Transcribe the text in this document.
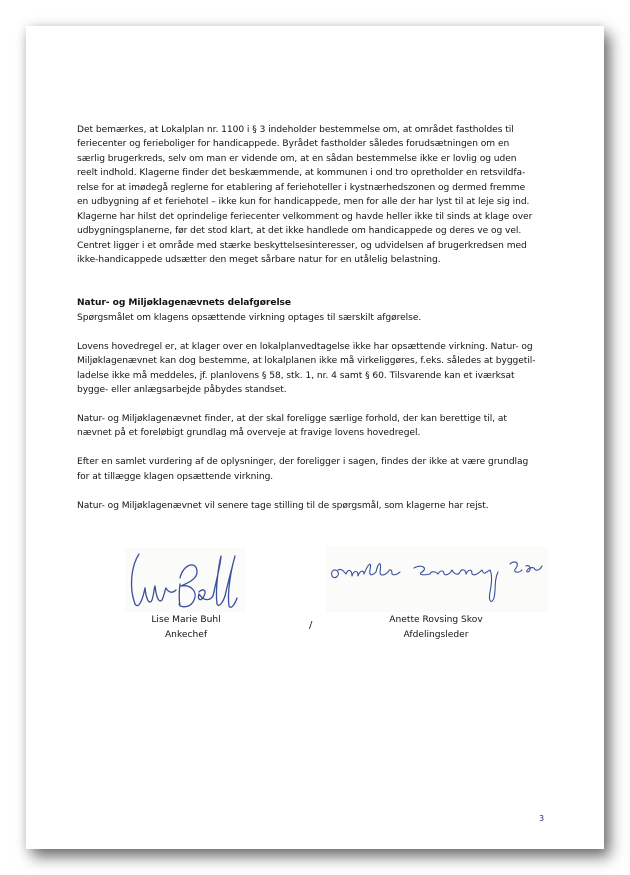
Det bemærkes, at Lokalplan nr. 1100 i § 3 indeholder bestemmelse om, at området fastholdes til
feriecenter og ferieboliger for handicappede. Byrådet fastholder således forudsætningen om en
særlig brugerkreds, selv om man er vidende om, at en sådan bestemmelse ikke er lovlig og uden
reelt indhold. Klagerne finder det beskæmmende, at kommunen i ond tro opretholder en retsvildfa-
relse for at imødegå reglerne for etablering af feriehoteller i kystnærhedszonen og dermed fremme
en udbygning af et feriehotel – ikke kun for handicappede, men for alle der har lyst til at leje sig ind.
Klagerne har hilst det oprindelige feriecenter velkomment og havde heller ikke til sinds at klage over
udbygningsplanerne, før det stod klart, at det ikke handlede om handicappede og deres ve og vel.
Centret ligger i et område med stærke beskyttelsesinteresser, og udvidelsen af brugerkredsen med
ikke-handicappede udsætter den meget sårbare natur for en utålelig belastning.

Natur- og Miljøklagenævnets delafgørelse

Spørgsmålet om klagens opsættende virkning optages til særskilt afgørelse.

Lovens hovedregel er, at klager over en lokalplanvedtagelse ikke har opsættende virkning. Natur- og
Miljøklagenævnet kan dog bestemme, at lokalplanen ikke må virkeliggøres, f.eks. således at byggetil-
ladelse ikke må meddeles, jf. planlovens § 58, stk. 1, nr. 4 samt § 60. Tilsvarende kan et iværksat
bygge- eller anlægsarbejde påbydes standset.

Natur- og Miljøklagenævnet finder, at der skal foreligge særlige forhold, der kan berettige til, at
nævnet på et foreløbigt grundlag må overveje at fravige lovens hovedregel.

Efter en samlet vurdering af de oplysninger, der foreligger i sagen, findes der ikke at være grundlag
for at tillægge klagen opsættende virkning.

Natur- og Miljøklagenævnet vil senere tage stilling til de spørgsmål, som klagerne har rejst.

Lise Marie Buhl
Ankechef
/	Anette Rovsing Skov
Afdelingsleder
3
